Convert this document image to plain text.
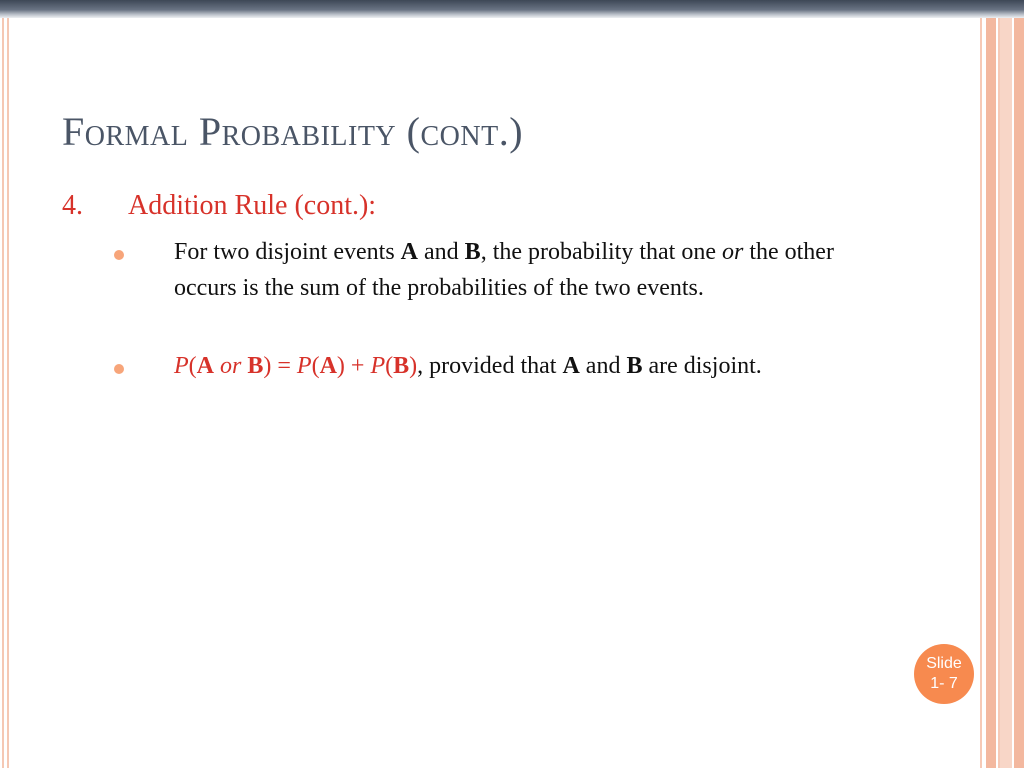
Formal Probability (cont.)
4. Addition Rule (cont.):
For two disjoint events A and B, the probability that one or the other occurs is the sum of the probabilities of the two events.
P(A or B) = P(A) + P(B), provided that A and B are disjoint.
Slide
1- 7
